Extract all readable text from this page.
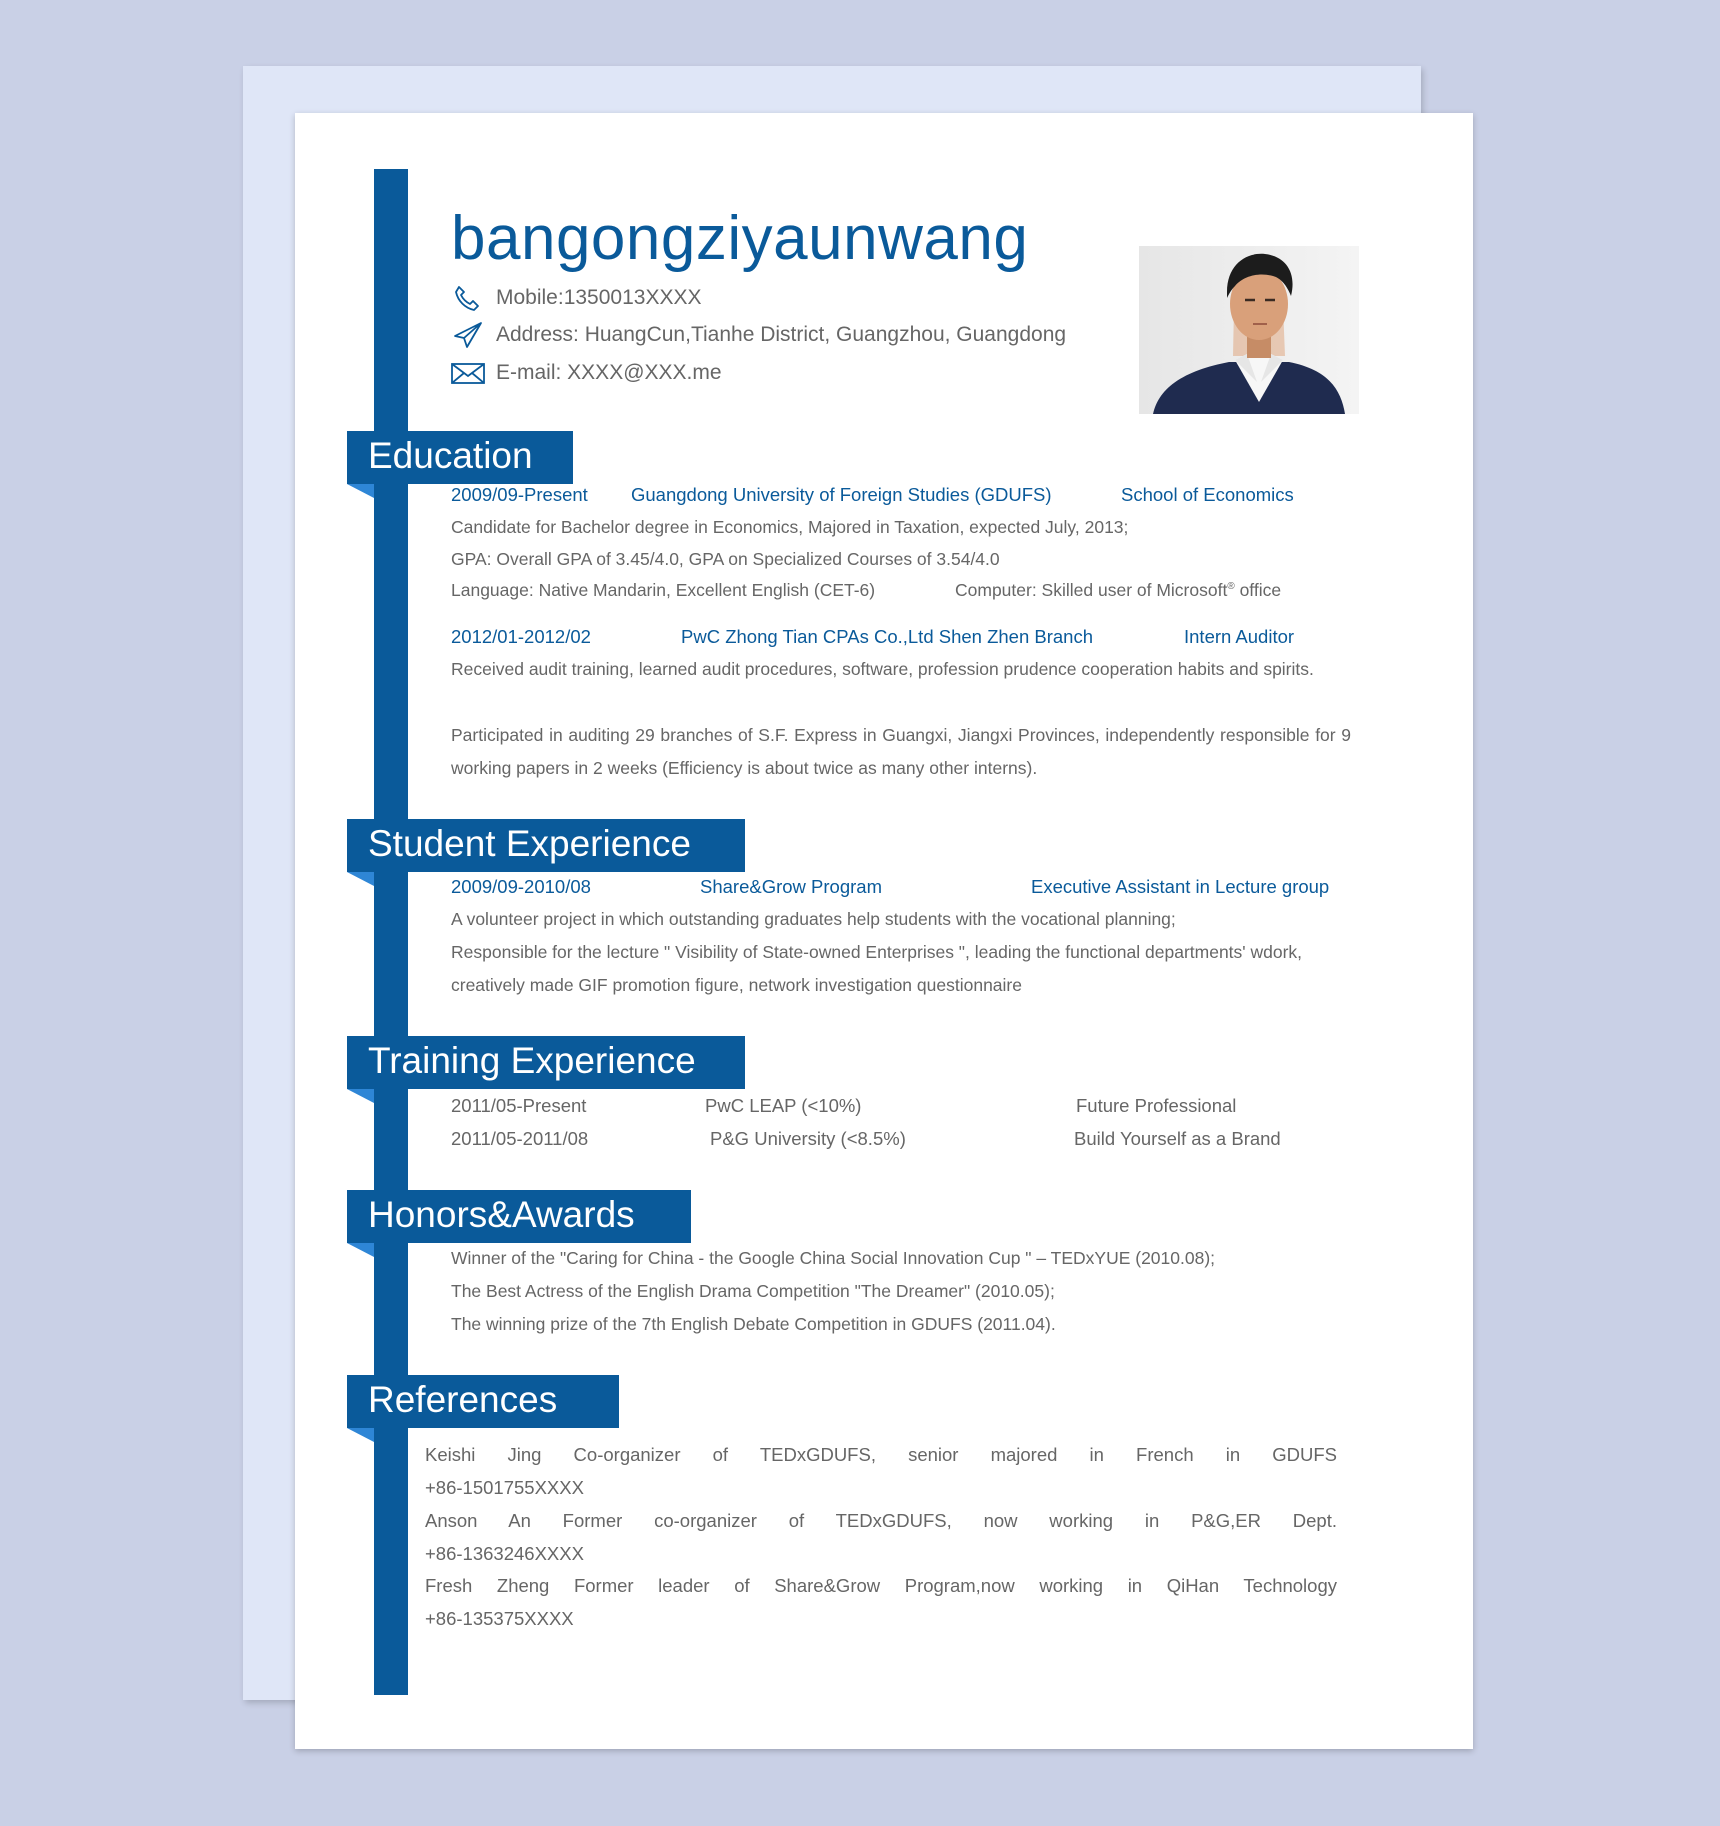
bangongziyaunwang
Mobile:1350013XXXX
Address: HuangCun,Tianhe District, Guangzhou, Guangdong
E-mail: XXXX@XXX.me
Education
2009/09-Present Guangdong University of Foreign Studies (GDUFS)	School of Economics
Candidate for Bachelor degree in Economics, Majored in Taxation, expected July, 2013;
GPA: Overall GPA of 3.45/4.0, GPA on Specialized Courses of 3.54/4.0
Language: Native Mandarin, Excellent English (CET-6)	Computer: Skilled user of Microsoft® office
2012/01-2012/02	PwC Zhong Tian CPAs Co.,Ltd Shen Zhen Branch	Intern Auditor

Received audit training, learned audit procedures, software, profession prudence cooperation habits and spirits.

Participated in auditing 29 branches of S.F. Express in Guangxi, Jiangxi Provinces, independently responsible for 9 working papers in 2 weeks (Efficiency is about twice as many other interns).

Student Experience
2009/09-2010/08	Share&Grow Program	Executive Assistant in Lecture group
A volunteer project in which outstanding graduates help students with the vocational planning;
Responsible for the lecture " Visibility of State-owned Enterprises ", leading the functional departments' wdork,
creatively made GIF promotion figure, network investigation questionnaire
Training Experience
2011/05-Present	PwC LEAP (<10%)	Future Professional
2011/05-2011/08	P&G University (<8.5%)	Build Yourself as a Brand
Honors&Awards
Winner of the "Caring for China - the Google China Social Innovation Cup " – TEDxYUE (2010.08);
The Best Actress of the English Drama Competition "The Dreamer" (2010.05);
The winning prize of the 7th English Debate Competition in GDUFS (2011.04).
References
Keishi Jing Co-organizer of TEDxGDUFS, senior majored in French in GDUFS
+86-1501755XXXX
Anson An Former co-organizer of TEDxGDUFS, now working in P&G,ER Dept.
+86-1363246XXXX
Fresh Zheng Former leader of Share&Grow Program,now working in QiHan Technology
+86-135375XXXX
